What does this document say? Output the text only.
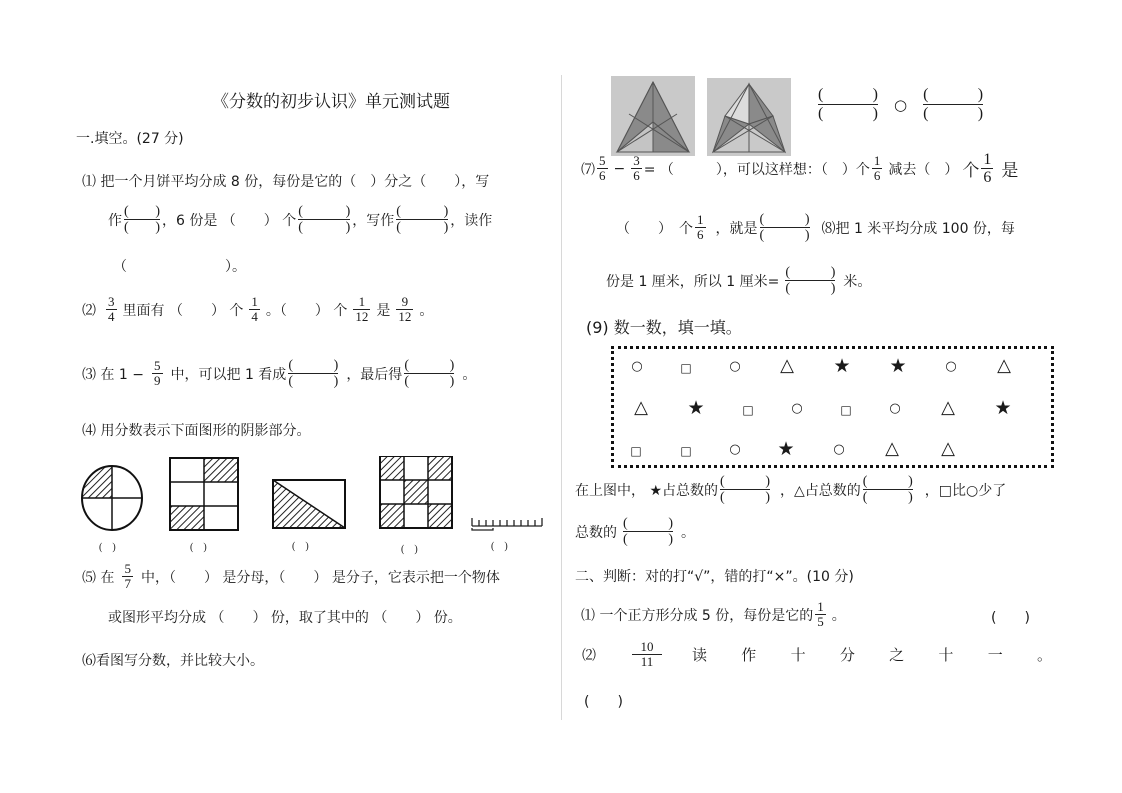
《分数的初步认识》单元测试题
一.填空。(27 分)
⑴ 把一个月饼平均分成 8 份，每份是它的（　）分之（　　），写
作
( )
( ) ，6 份是 （　　） 个
(	)
(	) ，写作
(	)
(	) ，读作
（　　　　　　　）。
⑵ $\frac{3}{4}$ 里面有 （　　） 个 $\frac{1}{4}$ 。（　　） 个 $\frac{1}{12}$ 是 $\frac{9}{12}$ 。
⑶ 在 $1 - \frac{5}{9}$ 中，可以把 1 看成
(	)
(	) ，最后得
(	)
(	) 。
⑷ 用分数表示下面图形的阴影部分。
(　)	(　)	(　)	(　)	(　)
⑸ 在 $\frac{5}{7}$ 中，（　　） 是分母，（　　） 是分子，它表示把一个物体
或图形平均分成 （　　） 份，取了其中的 （　　） 份。
⑹看图写分数，并比较大小。
(	)
(	) ○
(	)
(	)
⑺ $\frac{5}{6} - \frac{3}{6}$ = （　　　），可以这样想：（　）个 $\frac{1}{6}$ 减去（　） 个 $\frac{1}{6}$ 是
（　　）　个 $\frac{1}{6}$ ，就是
(	)
(	) ⑻把 1 米平均分成 100 份，每
份是 1 厘米，所以 1 厘米=
(	)
(	) 米。
(9) 数一数，填一填。
○	□	○ △ ★ ★	○ △
△ ★	□	○	□	○ △ ★
□	□	○ ★	○ △ △
在上图中， ★占总数的
(	)
(	) ，△占总数的
(	)
(	) ，□比○少了
总数的
(	)
(	) 。
二、判断：对的打“√”，错的打“×”。(10 分)
⑴ 一个正方形分成 5 份，每份是它的 $\frac{1}{5}$ 。	(　　)
⑵	$\frac{10}{11}$ 读 作 十 分 之 十 一 。
(　　)
